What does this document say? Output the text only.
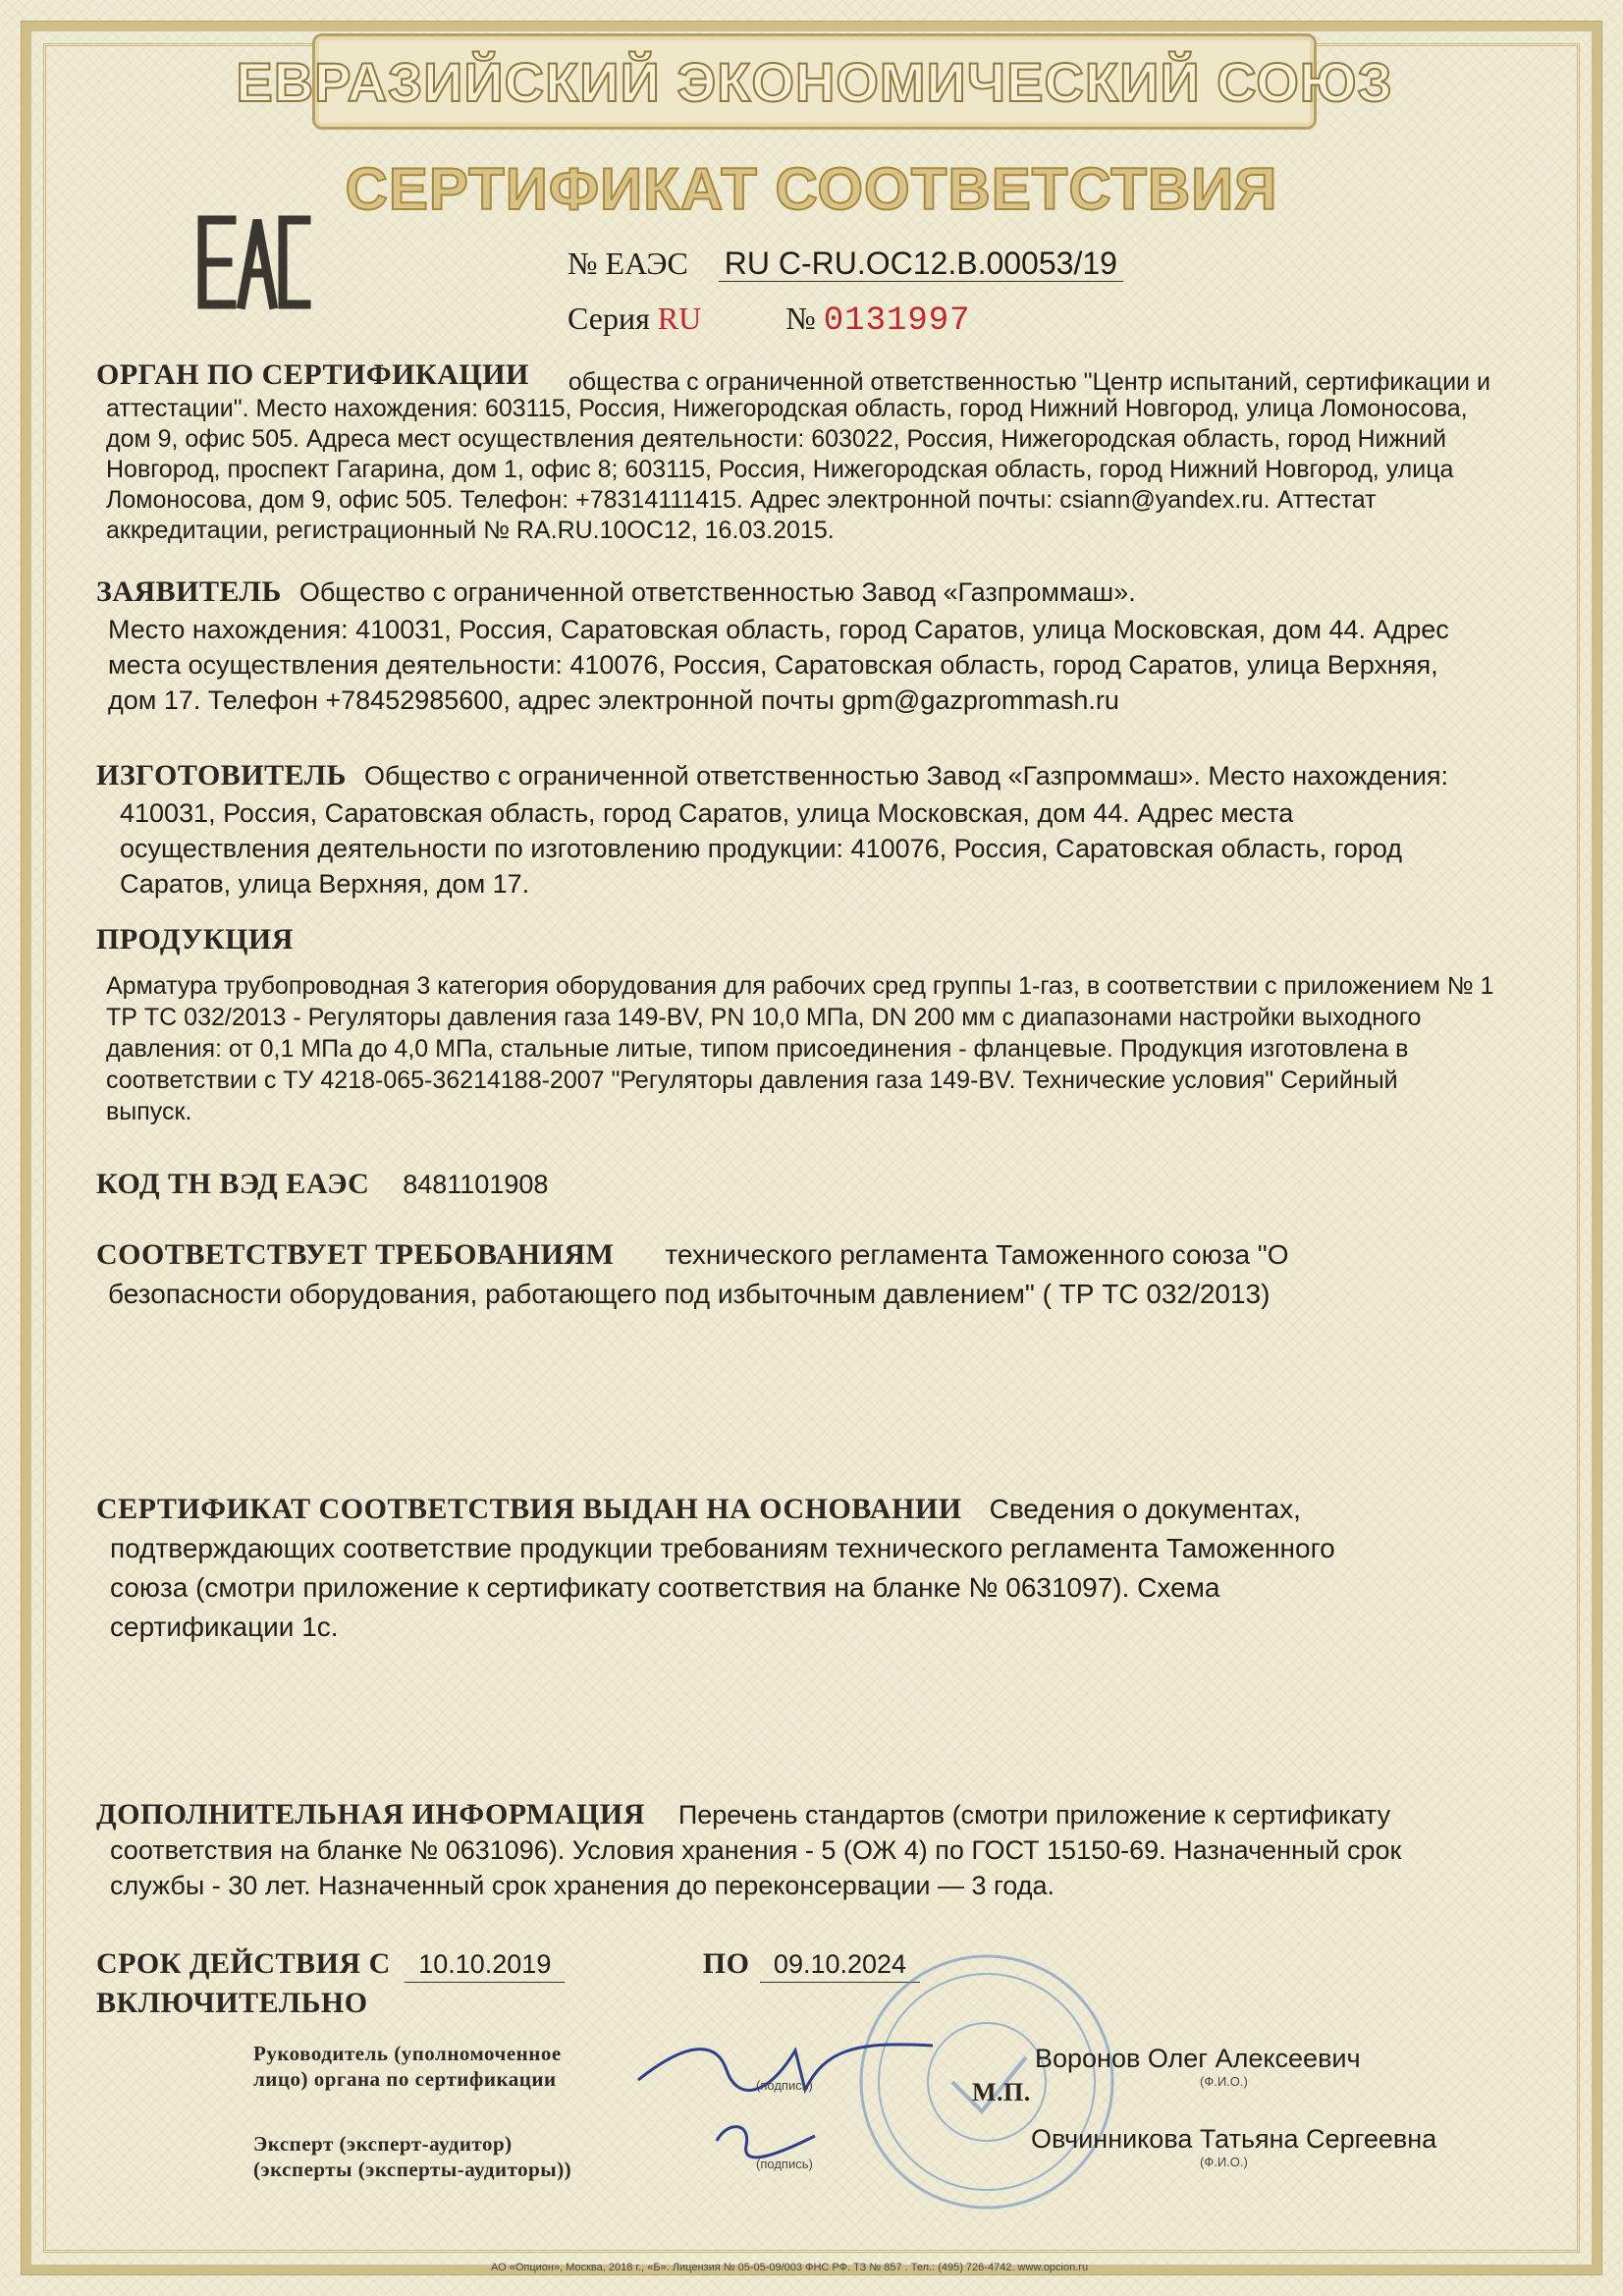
ЕВРАЗИЙСКИЙ ЭКОНОМИЧЕСКИЙ СОЮЗ
СЕРТИФИКАТ СООТВЕТСТВИЯ
№ ЕАЭС RU C-RU.OC12.B.00053/19
Серия RU	№ 0131997
ОРГАН ПО СЕРТИФИКАЦИИ общества с ограниченной ответственностью "Центр испытаний, сертификации и
аттестации". Место нахождения: 603115, Россия, Нижегородская область, город Нижний Новгород, улица Ломоносова,
дом 9, офис 505. Адреса мест осуществления деятельности: 603022, Россия, Нижегородская область, город Нижний
Новгород, проспект Гагарина, дом 1, офис 8; 603115, Россия, Нижегородская область, город Нижний Новгород, улица
Ломоносова, дом 9, офис 505. Телефон: +78314111415. Адрес электронной почты: csiann@yandex.ru. Аттестат
аккредитации, регистрационный № RA.RU.10OC12, 16.03.2015.
ЗАЯВИТЕЛЬ Общество с ограниченной ответственностью Завод «Газпроммаш».
Место нахождения: 410031, Россия, Саратовская область, город Саратов, улица Московская, дом 44. Адрес
места осуществления деятельности: 410076, Россия, Саратовская область, город Саратов, улица Верхняя,
дом 17. Телефон +78452985600, адрес электронной почты gpm@gazprommash.ru
ИЗГОТОВИТЕЛЬ Общество с ограниченной ответственностью Завод «Газпроммаш». Место нахождения:
410031, Россия, Саратовская область, город Саратов, улица Московская, дом 44. Адрес места
осуществления деятельности по изготовлению продукции: 410076, Россия, Саратовская область, город
Саратов, улица Верхняя, дом 17.
ПРОДУКЦИЯ
Арматура трубопроводная 3 категория оборудования для рабочих сред группы 1-газ, в соответствии с приложением № 1
ТР ТС 032/2013 - Регуляторы давления газа 149-BV, PN 10,0 МПа, DN 200 мм с диапазонами настройки выходного
давления: от 0,1 МПа до 4,0 МПа, стальные литые, типом присоединения - фланцевые. Продукция изготовлена в
соответствии с ТУ 4218-065-36214188-2007 "Регуляторы давления газа 149-BV. Технические условия" Серийный
выпуск.
КОД ТН ВЭД ЕАЭС 8481101908
СООТВЕТСТВУЕТ ТРЕБОВАНИЯМ технического регламента Таможенного союза "О
безопасности оборудования, работающего под избыточным давлением" ( ТР ТС 032/2013)
СЕРТИФИКАТ СООТВЕТСТВИЯ ВЫДАН НА ОСНОВАНИИ Сведения о документах,
подтверждающих соответствие продукции требованиям технического регламента Таможенного
союза (смотри приложение к сертификату соответствия на бланке № 0631097). Схема
сертификации 1с.
ДОПОЛНИТЕЛЬНАЯ ИНФОРМАЦИЯ Перечень стандартов (смотри приложение к сертификату
соответствия на бланке № 0631096). Условия хранения - 5 (ОЖ 4) по ГОСТ 15150-69. Назначенный срок
службы - 30 лет. Назначенный срок хранения до переконсервации — 3 года.
СРОК ДЕЙСТВИЯ С 10.10.2019	ПО 09.10.2024
ВКЛЮЧИТЕЛЬНО
Руководитель (уполномоченное
лицо) органа по сертификации	(подпись)	М.П.
Воронов Олег Алексеевич
(Ф.И.О.)
Эксперт (эксперт-аудитор)
(эксперты (эксперты-аудиторы))	(подпись)
Овчинникова Татьяна Сергеевна
(Ф.И.О.)
АО «Опцион», Москва, 2018 г., «Б». Лицензия № 05-05-09/003 ФНС РФ. ТЗ № 857 . Тел.: (495) 726-4742. www.opcion.ru
